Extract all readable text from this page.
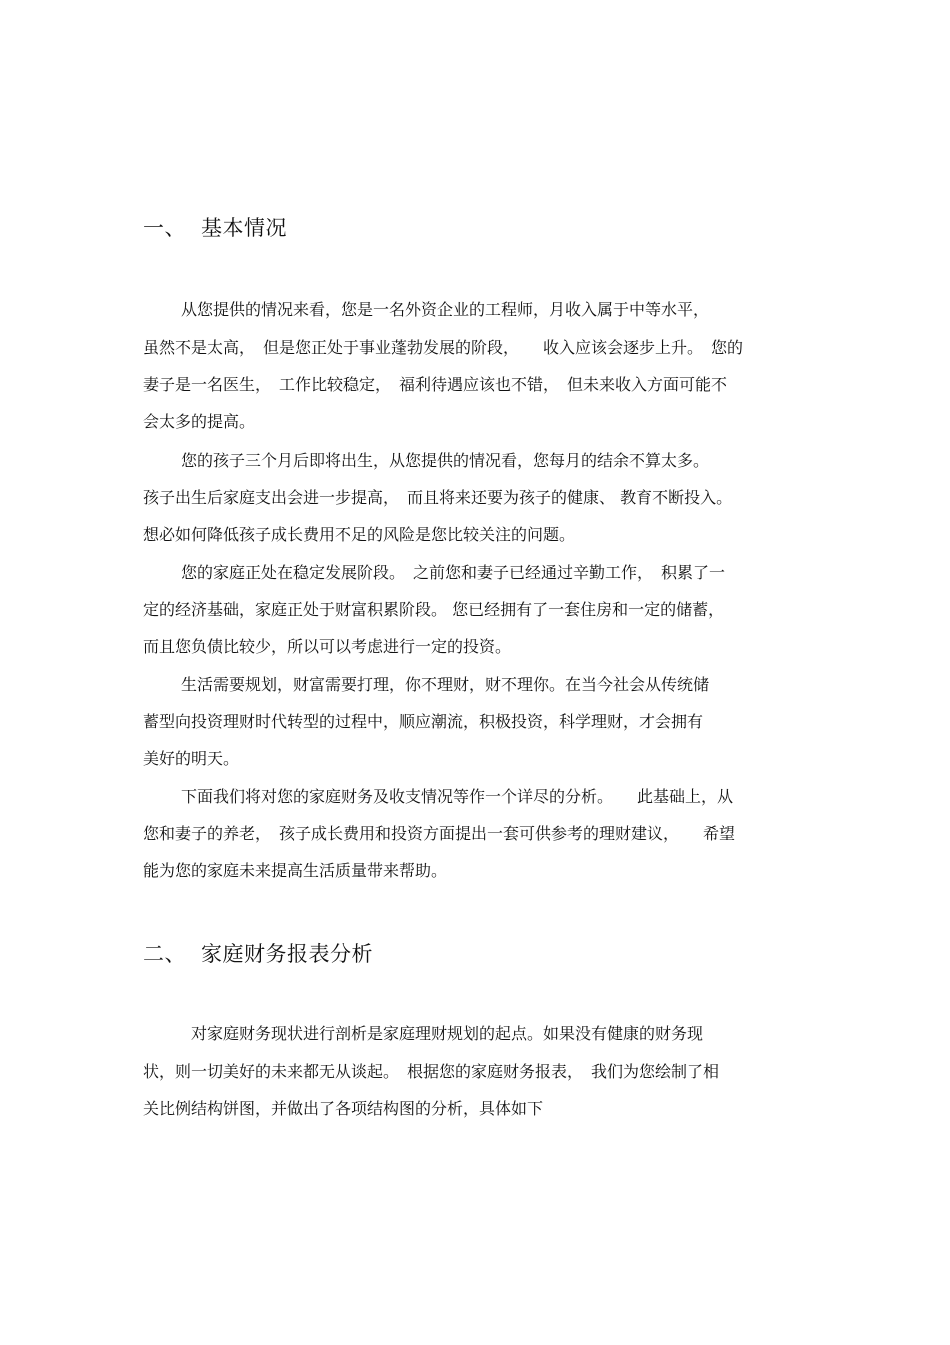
一、 基本情况
从您提供的情况来看，您是一名外资企业的工程师，月收入属于中等水平，
虽然不是太高，　但是您正处于事业蓬勃发展的阶段，　　收入应该会逐步上升。　您的
妻子是一名医生，　工作比较稳定，　福利待遇应该也不错，　但未来收入方面可能不
会太多的提高。
您的孩子三个月后即将出生，从您提供的情况看，您每月的结余不算太多。
孩子出生后家庭支出会进一步提高，　而且将来还要为孩子的健康、 教育不断投入。
想必如何降低孩子成长费用不足的风险是您比较关注的问题。
您的家庭正处在稳定发展阶段。　之前您和妻子已经通过辛勤工作，　积累了一
定的经济基础，家庭正处于财富积累阶段。 您已经拥有了一套住房和一定的储蓄，
而且您负债比较少，所以可以考虑进行一定的投资。
生活需要规划，财富需要打理，你不理财，财不理你。在当今社会从传统储
蓄型向投资理财时代转型的过程中，顺应潮流，积极投资，科学理财，才会拥有
美好的明天。
下面我们将对您的家庭财务及收支情况等作一个详尽的分析。　　此基础上，从
您和妻子的养老，　孩子成长费用和投资方面提出一套可供参考的理财建议，　　希望
能为您的家庭未来提高生活质量带来帮助。
二、 家庭财务报表分析
对家庭财务现状进行剖析是家庭理财规划的起点。如果没有健康的财务现
状，则一切美好的未来都无从谈起。　根据您的家庭财务报表，　我们为您绘制了相
关比例结构饼图，并做出了各项结构图的分析，具体如下
